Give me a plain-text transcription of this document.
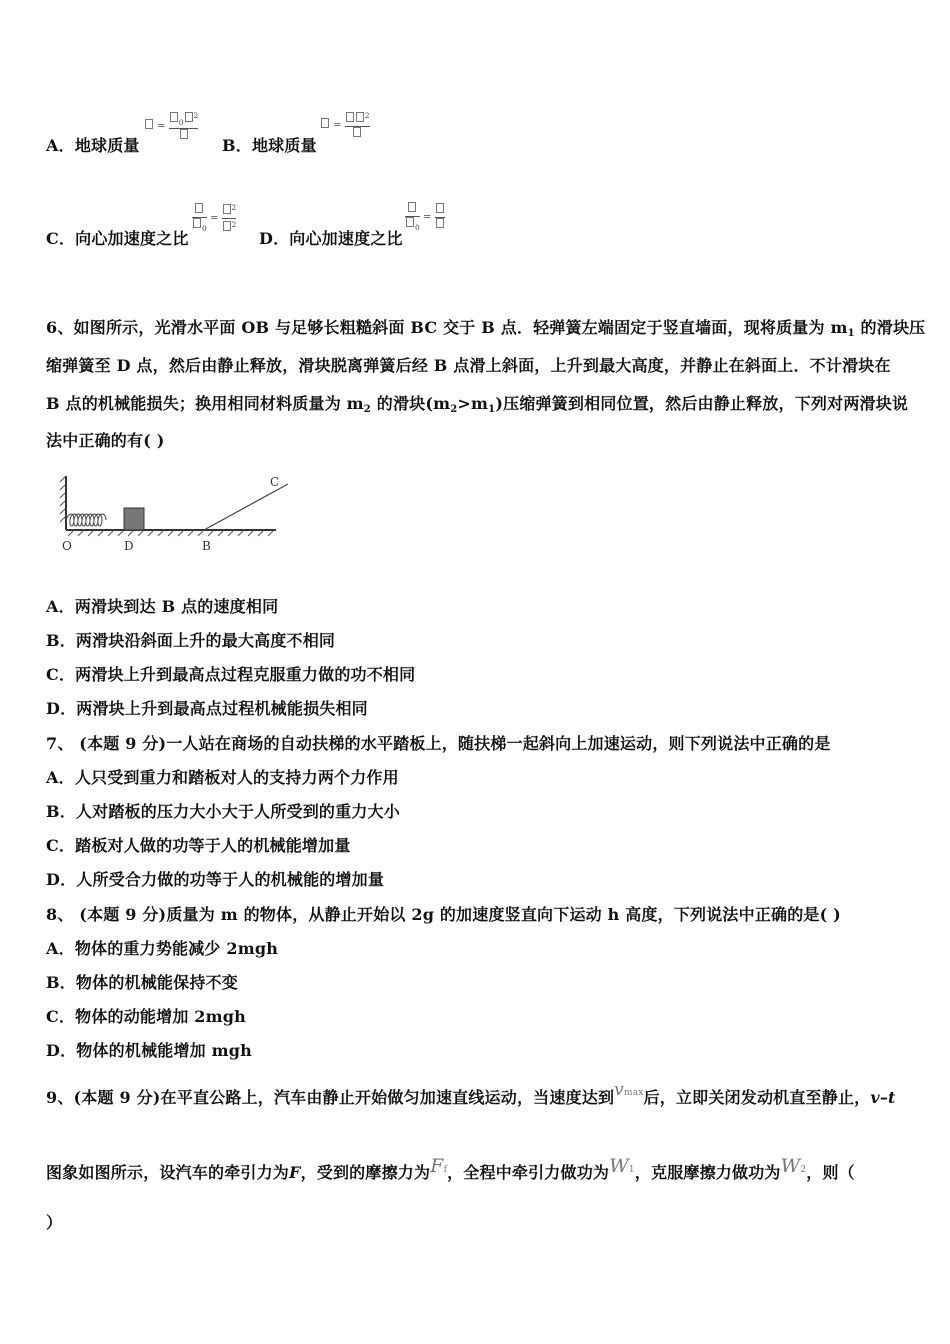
A．地球质量
=	$_0^2$
B．地球质量
=
$^2$
C．向心加速度之比
$_0$
= $\frac{^2}{^2}$
D．向心加速度之比
$_0$
=
6、如图所示，光滑水平面 OB 与足够长粗糙斜面 BC 交于 B 点．轻弹簧左端固定于竖直墙面，现将质量为 $m_1$ 的滑块压
缩弹簧至 D 点，然后由静止释放，滑块脱离弹簧后经 B 点滑上斜面，上升到最大高度，并静止在斜面上．不计滑块在
B 点的机械能损失；换用相同材料质量为 $m_2$ 的滑块$(m_2>m_1)$压缩弹簧到相同位置，然后由静止释放，下列对两滑块说
法中正确的有( )
O	D	B
C
A．两滑块到达 B 点的速度相同
B．两滑块沿斜面上升的最大高度不相同
C．两滑块上升到最高点过程克服重力做的功不相同
D．两滑块上升到最高点过程机械能损失相同
7、 (本题 9 分)一人站在商场的自动扶梯的水平踏板上，随扶梯一起斜向上加速运动，则下列说法中正确的是
A．人只受到重力和踏板对人的支持力两个力作用
B．人对踏板的压力大小大于人所受到的重力大小
C．踏板对人做的功等于人的机械能增加量
D．人所受合力做的功等于人的机械能的增加量
8、 (本题 9 分)质量为 m 的物体，从静止开始以 2g 的加速度竖直向下运动 h 高度，下列说法中正确的是( )
A．物体的重力势能减少 2mgh
B．物体的机械能保持不变
C．物体的动能增加 2mgh
D．物体的机械能增加 mgh
9、(本题 9 分)在平直公路上，汽车由静止开始做匀加速直线运动，当速度达到vmax后，立即关闭发动机直至静止，v–t
图象如图所示，设汽车的牵引力为F，受到的摩擦力为Ff，全程中牵引力做功为W1，克服摩擦力做功为W2，则（
）
